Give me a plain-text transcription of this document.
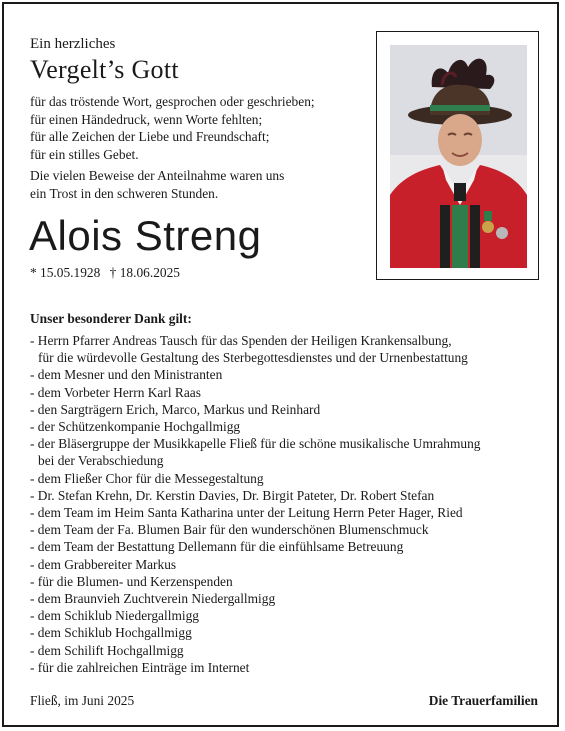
Ein herzliches
Vergelt’s Gott
für das tröstende Wort, gesprochen oder geschrieben;
für einen Händedruck, wenn Worte fehlten;
für alle Zeichen der Liebe und Freundschaft;
für ein stilles Gebet.
Die vielen Beweise der Anteilnahme waren uns
ein Trost in den schweren Stunden.
Alois Streng
* 15.05.1928 † 18.06.2025
Unser besonderer Dank gilt:
- Herrn Pfarrer Andreas Tausch für das Spenden der Heiligen Krankensalbung,
für die würdevolle Gestaltung des Sterbegottesdienstes und der Urnenbestattung
- dem Mesner und den Ministranten
- dem Vorbeter Herrn Karl Raas
- den Sargträgern Erich, Marco, Markus und Reinhard
- der Schützenkompanie Hochgallmigg
- der Bläsergruppe der Musikkapelle Fließ für die schöne musikalische Umrahmung
bei der Verabschiedung
- dem Fließer Chor für die Messegestaltung
- Dr. Stefan Krehn, Dr. Kerstin Davies, Dr. Birgit Pateter, Dr. Robert Stefan
- dem Team im Heim Santa Katharina unter der Leitung Herrn Peter Hager, Ried
- dem Team der Fa. Blumen Bair für den wunderschönen Blumenschmuck
- dem Team der Bestattung Dellemann für die einfühlsame Betreuung
- dem Grabbereiter Markus
- für die Blumen- und Kerzenspenden
- dem Braunvieh Zuchtverein Niedergallmigg
- dem Schiklub Niedergallmigg
- dem Schiklub Hochgallmigg
- dem Schilift Hochgallmigg
- für die zahlreichen Einträge im Internet
Fließ, im Juni 2025	Die Trauerfamilien
